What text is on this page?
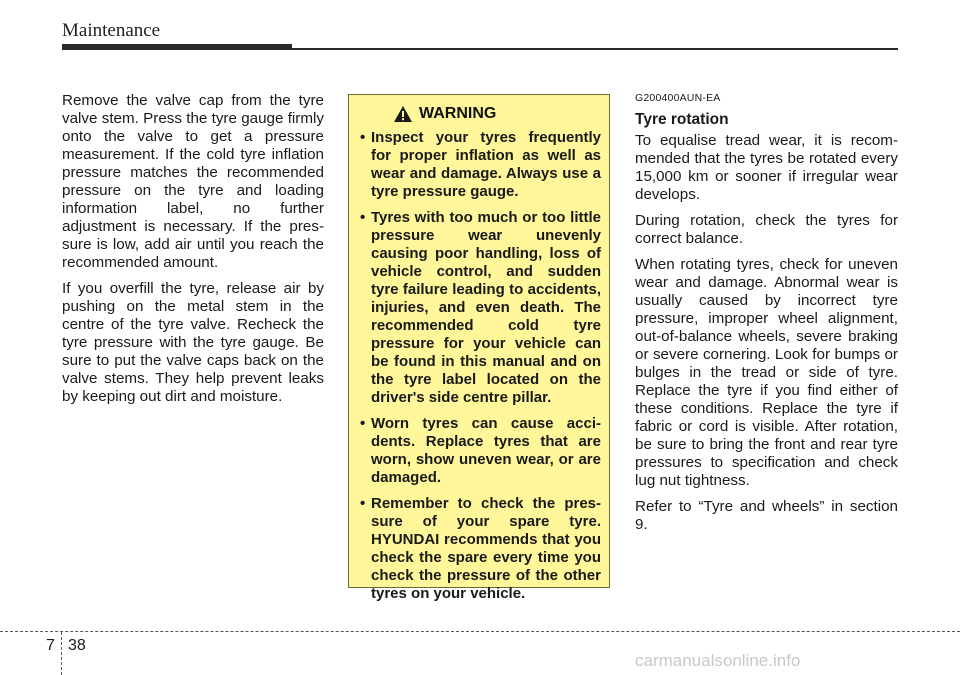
Maintenance

Remove the valve cap from the tyre valve stem. Press the tyre gauge firmly onto the valve to get a pressure measurement. If the cold tyre inflation pressure matches the recommended pressure on the tyre and loading information label, no further adjustment is necessary. If the pressure is low, add air until you reach the recommended amount.

If you overfill the tyre, release air by pushing on the metal stem in the centre of the tyre valve. Recheck the tyre pressure with the tyre gauge. Be sure to put the valve caps back on the valve stems. They help prevent leaks by keeping out dirt and moisture.

WARNING
• Inspect your tyres frequently for proper inflation as well as wear and damage. Always use a tyre pressure gauge.
• Tyres with too much or too little pressure wear unevenly causing poor handling, loss of vehicle control, and sudden tyre failure leading to accidents, injuries, and even death. The recommended cold tyre pressure for your vehicle can be found in this manual and on the tyre label located on the driver's side centre pillar.
• Worn tyres can cause accidents. Replace tyres that are worn, show uneven wear, or are damaged.
• Remember to check the pressure of your spare tyre. HYUNDAI recommends that you check the spare every time you check the pressure of the other tyres on your vehicle.

G200400AUN-EA

Tyre rotation

To equalise tread wear, it is recommended that the tyres be rotated every 15,000 km or sooner if irregular wear develops.

During rotation, check the tyres for correct balance.

When rotating tyres, check for uneven wear and damage. Abnormal wear is usually caused by incorrect tyre pressure, improper wheel alignment, out-of-balance wheels, severe braking or severe cornering. Look for bumps or bulges in the tread or side of tyre. Replace the tyre if you find either of these conditions. Replace the tyre if fabric or cord is visible. After rotation, be sure to bring the front and rear tyre pressures to specification and check lug nut tightness.

Refer to “Tyre and wheels” in section 9.

7 38
carmanualsonline.info
